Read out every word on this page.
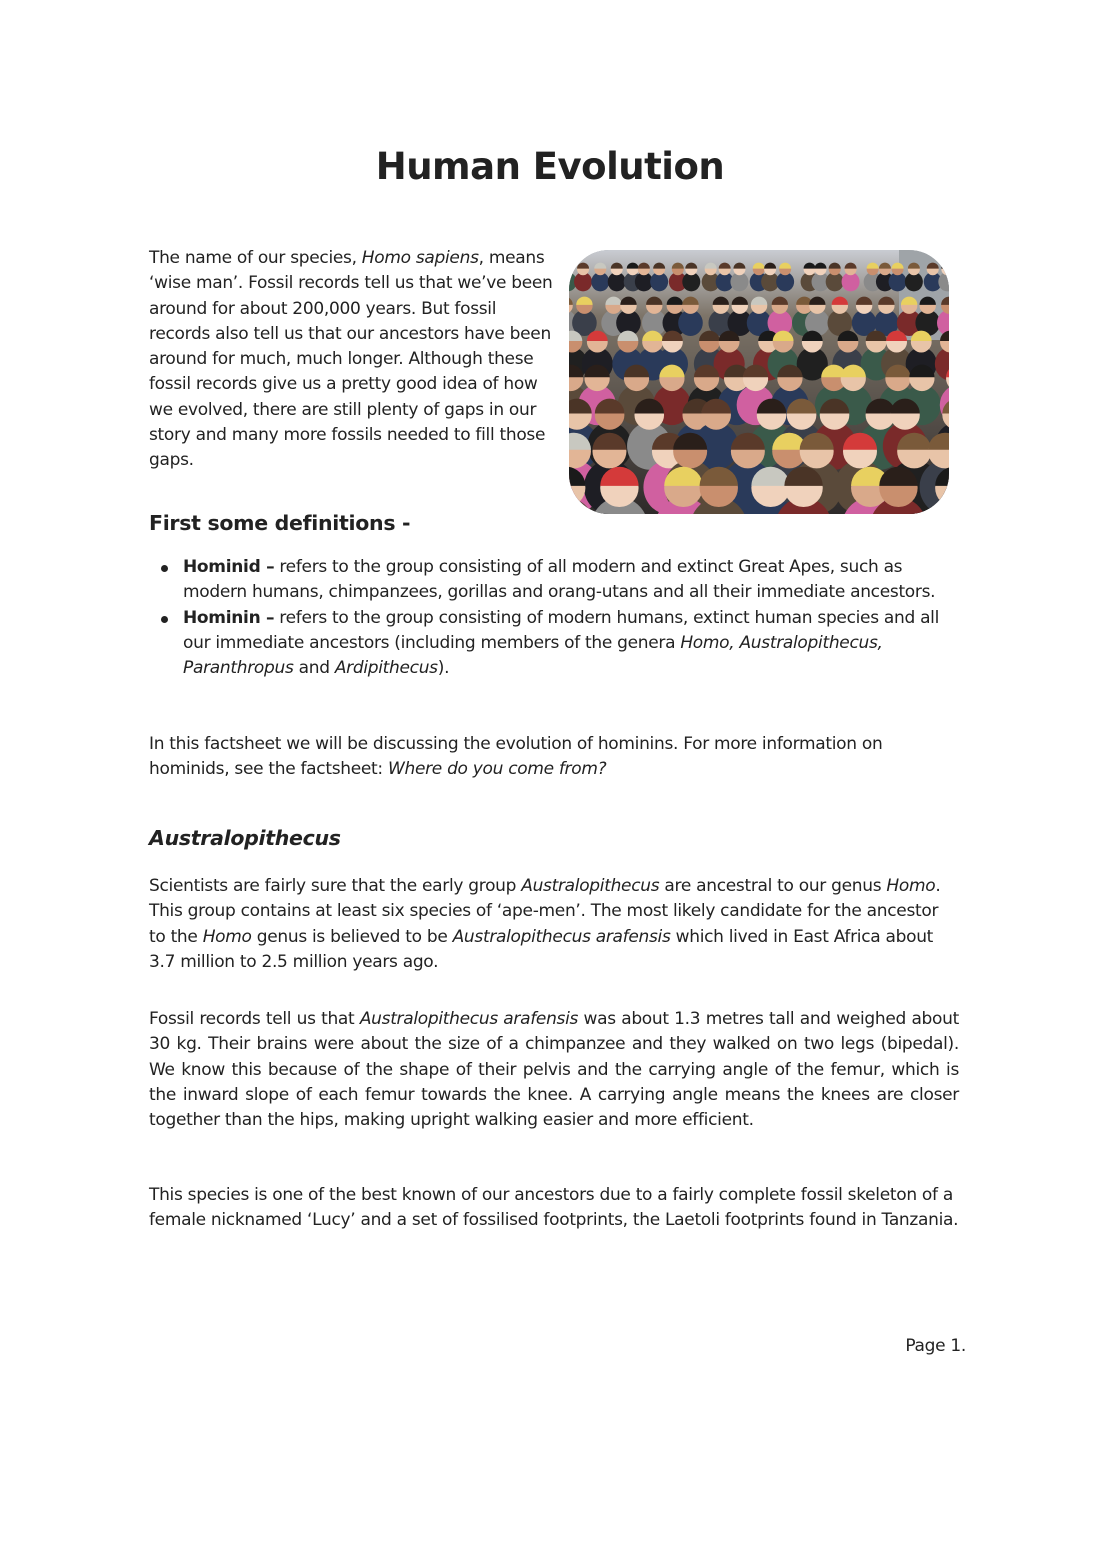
Human Evolution

The name of our species, Homo sapiens, means ‘wise man’. Fossil records tell us that we’ve been around for about 200,000 years. But fossil records also tell us that our ancestors have been around for much, much longer. Although these fossil records give us a pretty good idea of how we evolved, there are still plenty of gaps in our story and many more fossils needed to fill those gaps.

First some definitions -
Hominid – refers to the group consisting of all modern and extinct Great Apes, such as modern humans, chimpanzees, gorillas and orang-utans and all their immediate ancestors.
Hominin – refers to the group consisting of modern humans, extinct human species and all our immediate ancestors (including members of the genera Homo, Australopithecus, Paranthropus and Ardipithecus).

In this factsheet we will be discussing the evolution of hominins. For more information on hominids, see the factsheet: Where do you come from?

Australopithecus

Scientists are fairly sure that the early group Australopithecus are ancestral to our genus Homo. This group contains at least six species of ‘ape-men’. The most likely candidate for the ancestor to the Homo genus is believed to be Australopithecus arafensis which lived in East Africa about 3.7 million to 2.5 million years ago.

Fossil records tell us that Australopithecus arafensis was about 1.3 metres tall and weighed about 30 kg. Their brains were about the size of a chimpanzee and they walked on two legs (bipedal). We know this because of the shape of their pelvis and the carrying angle of the femur, which is the inward slope of each femur towards the knee. A carrying angle means the knees are closer together than the hips, making upright walking easier and more efficient.

This species is one of the best known of our ancestors due to a fairly complete fossil skeleton of a female nicknamed ‘Lucy’ and a set of fossilised footprints, the Laetoli footprints found in Tanzania.

Page 1.
